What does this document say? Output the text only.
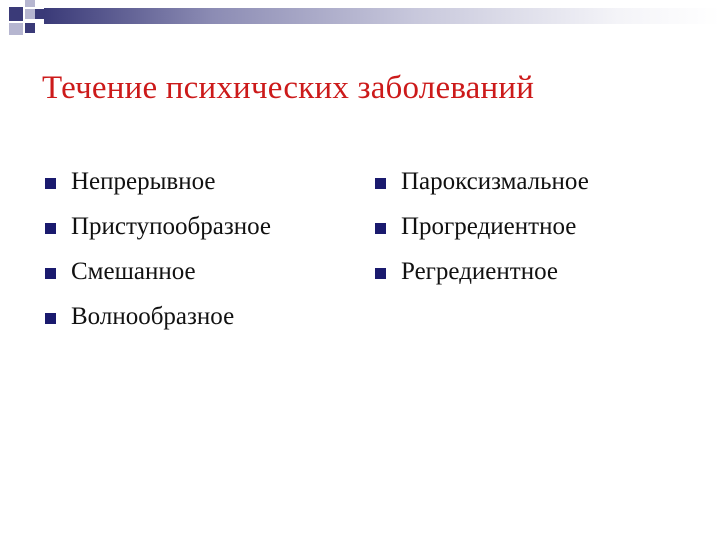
Течение психических заболеваний
Непрерывное
Приступообразное
Смешанное
Волнообразное
Пароксизмальное
Прогредиентное
Регредиентное
